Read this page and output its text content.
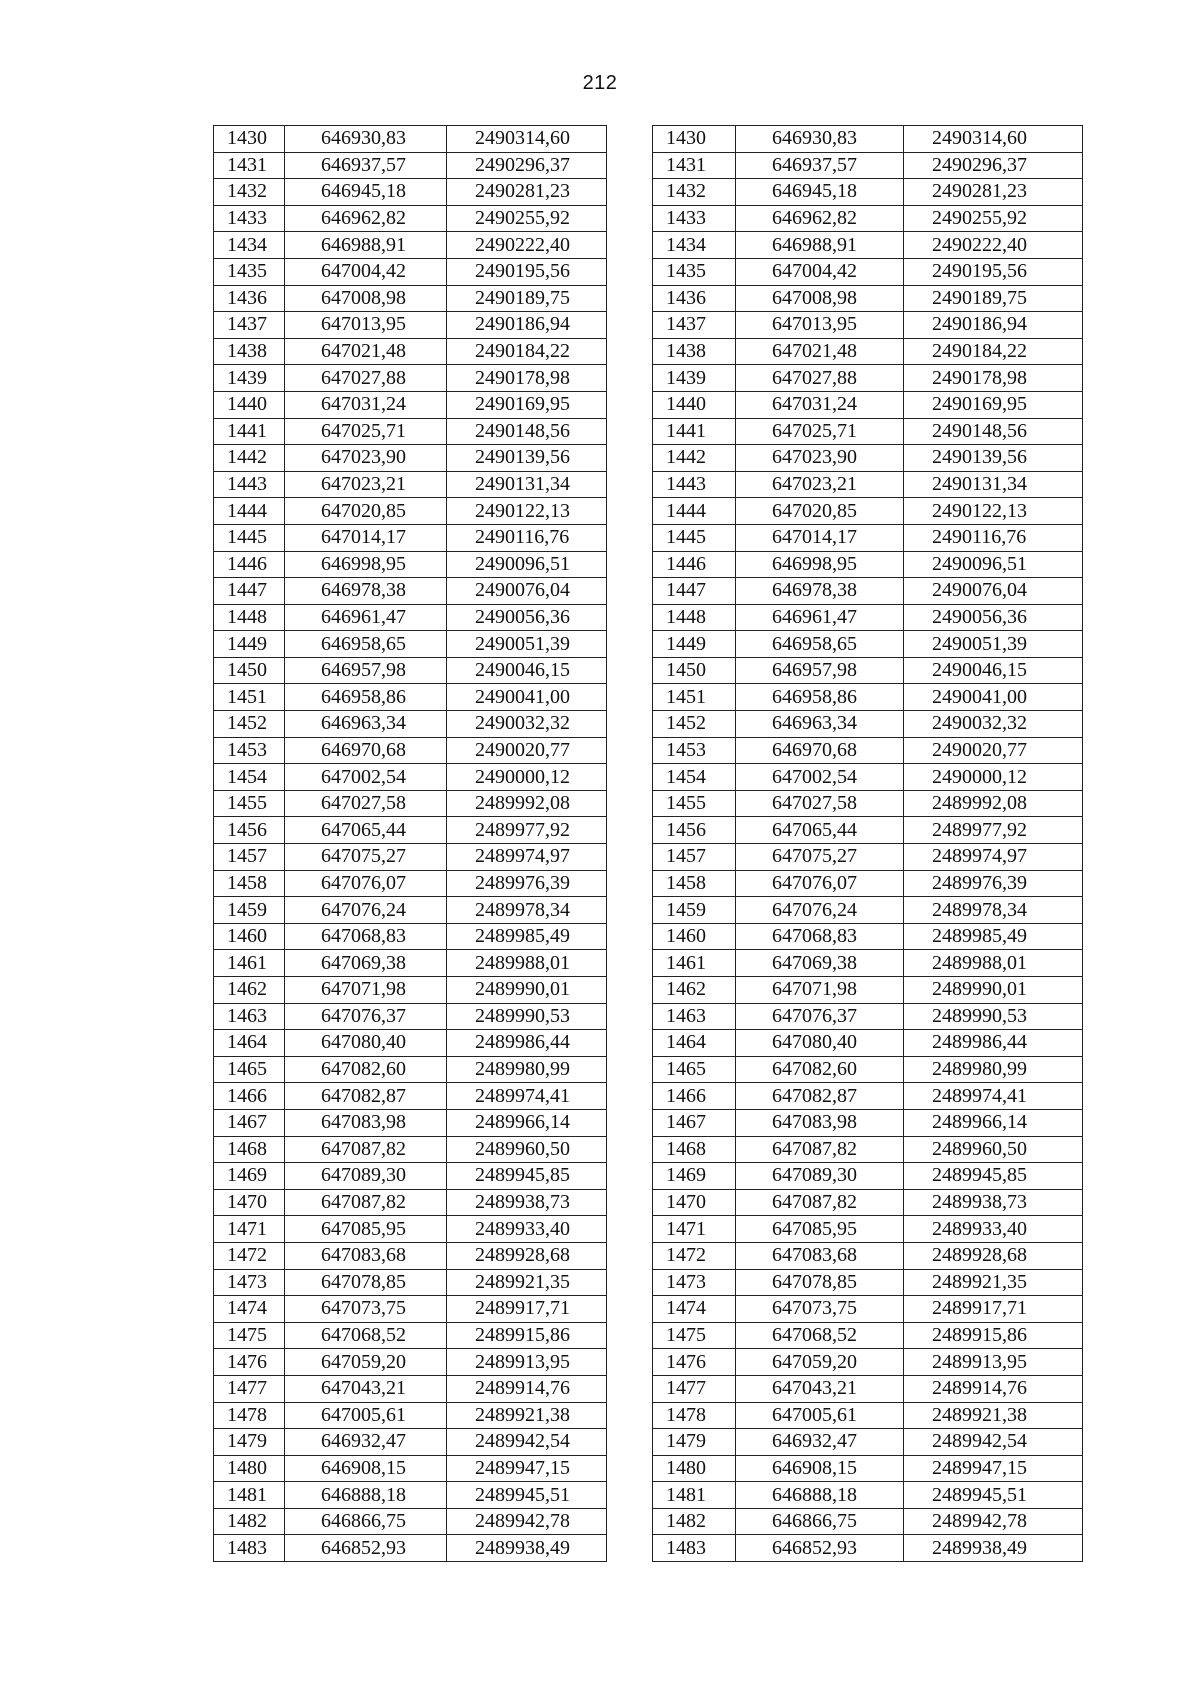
212
1430	646930,83	2490314,60		1430	646930,83	2490314,60
1431	646937,57	2490296,37		1431	646937,57	2490296,37
1432	646945,18	2490281,23		1432	646945,18	2490281,23
1433	646962,82	2490255,92		1433	646962,82	2490255,92
1434	646988,91	2490222,40		1434	646988,91	2490222,40
1435	647004,42	2490195,56		1435	647004,42	2490195,56
1436	647008,98	2490189,75		1436	647008,98	2490189,75
1437	647013,95	2490186,94		1437	647013,95	2490186,94
1438	647021,48	2490184,22		1438	647021,48	2490184,22
1439	647027,88	2490178,98		1439	647027,88	2490178,98
1440	647031,24	2490169,95		1440	647031,24	2490169,95
1441	647025,71	2490148,56		1441	647025,71	2490148,56
1442	647023,90	2490139,56		1442	647023,90	2490139,56
1443	647023,21	2490131,34		1443	647023,21	2490131,34
1444	647020,85	2490122,13		1444	647020,85	2490122,13
1445	647014,17	2490116,76		1445	647014,17	2490116,76
1446	646998,95	2490096,51		1446	646998,95	2490096,51
1447	646978,38	2490076,04		1447	646978,38	2490076,04
1448	646961,47	2490056,36		1448	646961,47	2490056,36
1449	646958,65	2490051,39		1449	646958,65	2490051,39
1450	646957,98	2490046,15		1450	646957,98	2490046,15
1451	646958,86	2490041,00		1451	646958,86	2490041,00
1452	646963,34	2490032,32		1452	646963,34	2490032,32
1453	646970,68	2490020,77		1453	646970,68	2490020,77
1454	647002,54	2490000,12		1454	647002,54	2490000,12
1455	647027,58	2489992,08		1455	647027,58	2489992,08
1456	647065,44	2489977,92		1456	647065,44	2489977,92
1457	647075,27	2489974,97		1457	647075,27	2489974,97
1458	647076,07	2489976,39		1458	647076,07	2489976,39
1459	647076,24	2489978,34		1459	647076,24	2489978,34
1460	647068,83	2489985,49		1460	647068,83	2489985,49
1461	647069,38	2489988,01		1461	647069,38	2489988,01
1462	647071,98	2489990,01		1462	647071,98	2489990,01
1463	647076,37	2489990,53		1463	647076,37	2489990,53
1464	647080,40	2489986,44		1464	647080,40	2489986,44
1465	647082,60	2489980,99		1465	647082,60	2489980,99
1466	647082,87	2489974,41		1466	647082,87	2489974,41
1467	647083,98	2489966,14		1467	647083,98	2489966,14
1468	647087,82	2489960,50		1468	647087,82	2489960,50
1469	647089,30	2489945,85		1469	647089,30	2489945,85
1470	647087,82	2489938,73		1470	647087,82	2489938,73
1471	647085,95	2489933,40		1471	647085,95	2489933,40
1472	647083,68	2489928,68		1472	647083,68	2489928,68
1473	647078,85	2489921,35		1473	647078,85	2489921,35
1474	647073,75	2489917,71		1474	647073,75	2489917,71
1475	647068,52	2489915,86		1475	647068,52	2489915,86
1476	647059,20	2489913,95		1476	647059,20	2489913,95
1477	647043,21	2489914,76		1477	647043,21	2489914,76
1478	647005,61	2489921,38		1478	647005,61	2489921,38
1479	646932,47	2489942,54		1479	646932,47	2489942,54
1480	646908,15	2489947,15		1480	646908,15	2489947,15
1481	646888,18	2489945,51		1481	646888,18	2489945,51
1482	646866,75	2489942,78		1482	646866,75	2489942,78
1483	646852,93	2489938,49		1483	646852,93	2489938,49
